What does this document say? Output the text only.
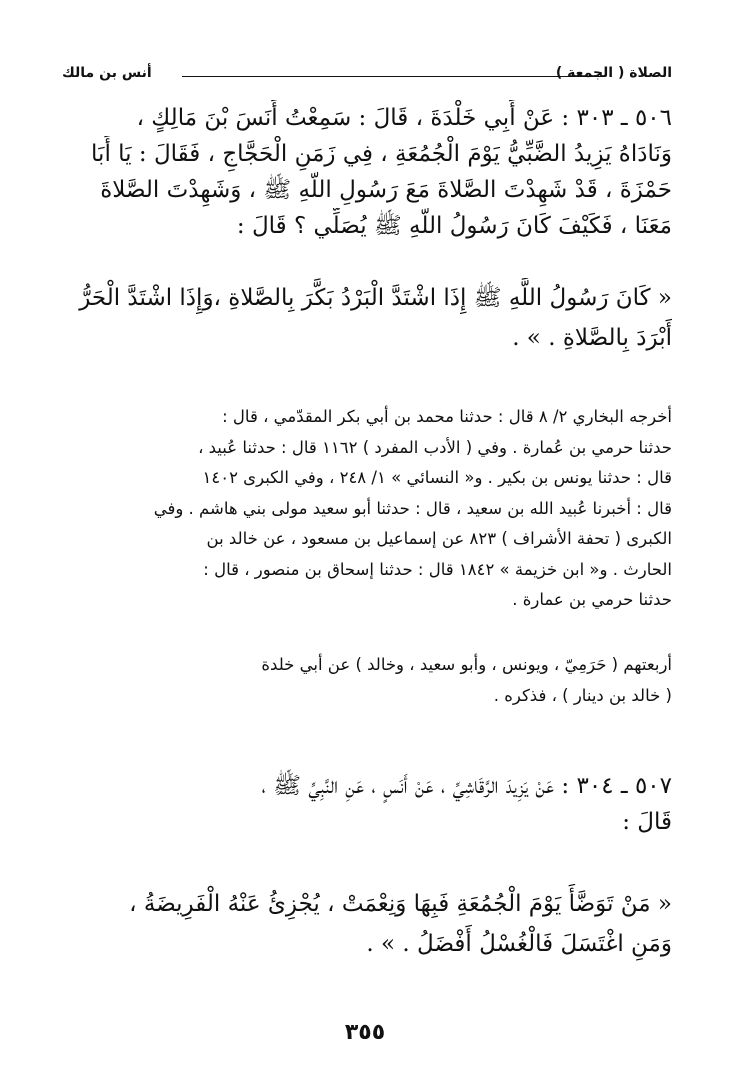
الصلاة ( الجمعة )
أنس بن مالك
٥٠٦ ـ ٣٠٣ : عَنْ أَبِي خَلْدَةَ ، قَالَ : سَمِعْتُ أَنَسَ بْنَ مَالِكٍ ،
وَنَادَاهُ يَزِيدُ الضَّبِّيُّ يَوْمَ الْجُمُعَةِ ، فِي زَمَنِ الْحَجَّاجِ ، فَقَالَ : يَا أَبَا
حَمْزَةَ ، قَدْ شَهِدْتَ الصَّلاةَ مَعَ رَسُولِ اللَّهِ ﷺ ، وَشَهِدْتَ الصَّلاةَ
مَعَنَا ، فَكَيْفَ كَانَ رَسُولُ اللَّهِ ﷺ يُصَلِّي ؟ قَالَ :
« كَانَ رَسُولُ اللَّهِ ﷺ إِذَا اشْتَدَّ الْبَرْدُ بَكَّرَ بِالصَّلاةِ ،وَإِذَا اشْتَدَّ الْحَرُّ
أَبْرَدَ بِالصَّلاةِ . » .
أخرجه البخاري ٢/ ٨ قال : حدثنا محمد بن أبي بكر المقدّمي ، قال :
حدثنا حرمي بن عُمارة . وفي ( الأدب المفرد ) ١١٦٢ قال : حدثنا عُبيد ،
قال : حدثنا يونس بن بكير . و« النسائي » ١/ ٢٤٨ ، وفي الكبرى ١٤٠٢
قال : أخبرنا عُبيد الله بن سعيد ، قال : حدثنا أبو سعيد مولى بني هاشم . وفي
الكبرى ( تحفة الأشراف ) ٨٢٣ عن إسماعيل بن مسعود ، عن خالد بن
الحارث . و« ابن خزيمة » ١٨٤٢ قال : حدثنا إسحاق بن منصور ، قال :
حدثنا حرمي بن عمارة .
أربعتهم ( حَرَمِيّ ، ويونس ، وأبو سعيد ، وخالد ) عن أبي خلدة
( خالد بن دينار ) ، فذكره .
٥٠٧ ـ ٣٠٤ : عَنْ يَزِيدَ الرَّقَاشِيِّ ، عَنْ أَنَسٍ ، عَنِ النَّبِيِّ ﷺ ،
قَالَ :
« مَنْ تَوَضَّأَ يَوْمَ الْجُمُعَةِ فَبِهَا وَنِعْمَتْ ، يُجْزِئُ عَنْهُ الْفَرِيضَةُ ،
وَمَنِ اغْتَسَلَ فَالْغُسْلُ أَفْضَلُ . » .
٣٥٥
